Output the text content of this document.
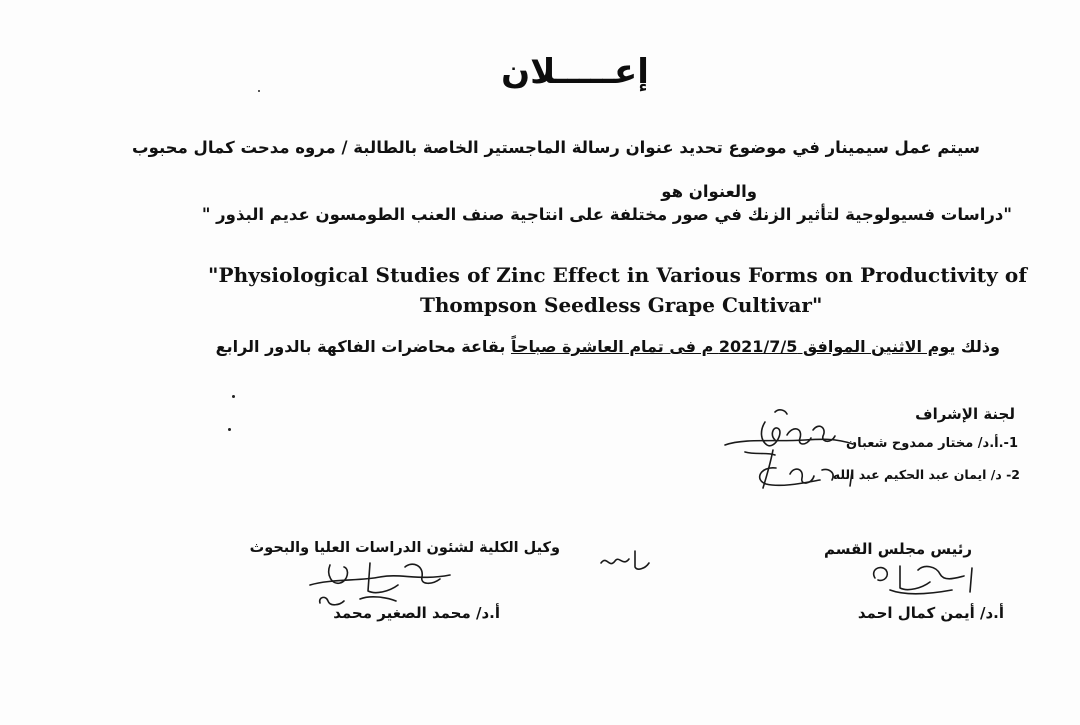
إعـــــلان
سيتم عمل سيمينار في موضوع تحديد عنوان رسالة الماجستير الخاصة بالطالبة / مروه مدحت كمال محبوب
والعنوان هو
"دراسات فسيولوجية لتأثير الزنك في صور مختلفة على انتاجية صنف العنب الطومسون عديم البذور "
"Physiological Studies of Zinc Effect in Various Forms on Productivity of
Thompson Seedless Grape Cultivar"
وذلك يوم الاثنين الموافق 2021/7/5 م فى تمام العاشرة صباحاً بقاعة محاضرات الفاكهة بالدور الرابع
لجنة الإشراف
1-.أ.د/ مختار ممدوح شعبان
2- د/ ايمان عبد الحكيم عبد الله
رئيس مجلس القسم
أ.د/ أيمن كمال احمد
وكيل الكلية لشئون الدراسات العليا والبحوث
أ.د/ محمد الصغير محمد
